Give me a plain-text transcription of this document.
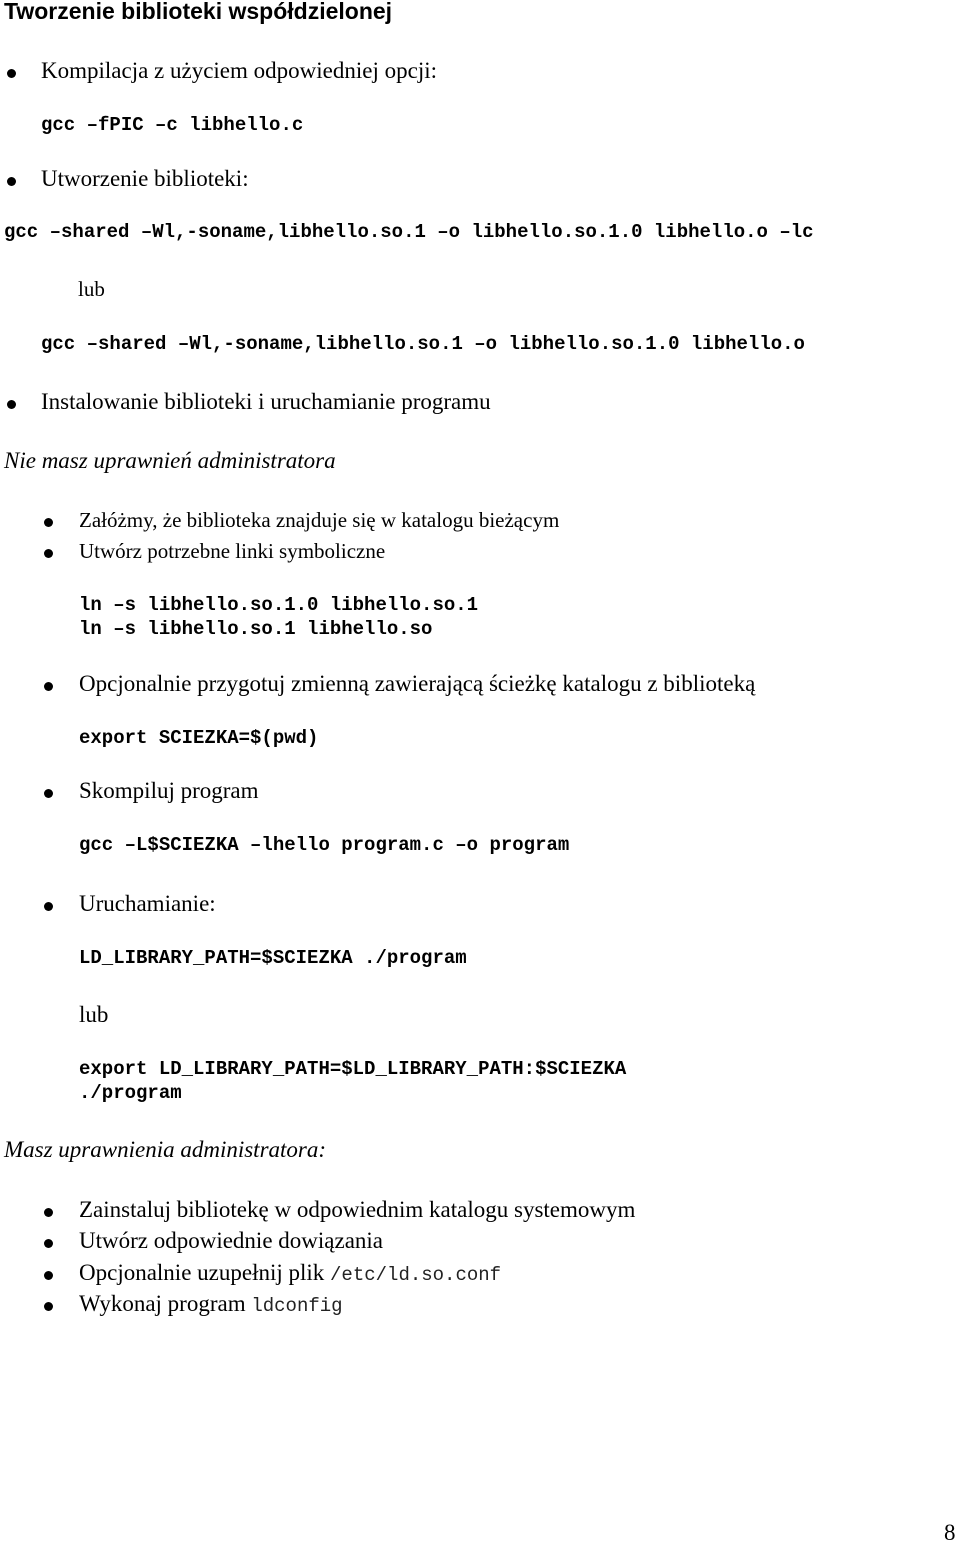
Tworzenie biblioteki współdzielonej
Kompilacja z użyciem odpowiedniej opcji:
gcc –fPIC –c libhello.c
Utworzenie biblioteki:
gcc –shared –Wl,-soname,libhello.so.1 –o libhello.so.1.0 libhello.o –lc
lub
gcc –shared –Wl,-soname,libhello.so.1 –o libhello.so.1.0 libhello.o
Instalowanie biblioteki i uruchamianie programu
Nie masz uprawnień administratora
Załóżmy, że biblioteka znajduje się w katalogu bieżącym
Utwórz potrzebne linki symboliczne
ln –s libhello.so.1.0 libhello.so.1
ln –s libhello.so.1 libhello.so
Opcjonalnie przygotuj zmienną zawierającą ścieżkę katalogu z biblioteką
export SCIEZKA=$(pwd)
Skompiluj program
gcc –L$SCIEZKA –lhello program.c –o program
Uruchamianie:
LD_LIBRARY_PATH=$SCIEZKA ./program
lub
export LD_LIBRARY_PATH=$LD_LIBRARY_PATH:$SCIEZKA
./program
Masz uprawnienia administratora:
Zainstaluj bibliotekę w odpowiednim katalogu systemowym
Utwórz odpowiednie dowiązania
Opcjonalnie uzupełnij plik /etc/ld.so.conf
Wykonaj program ldconfig
8
